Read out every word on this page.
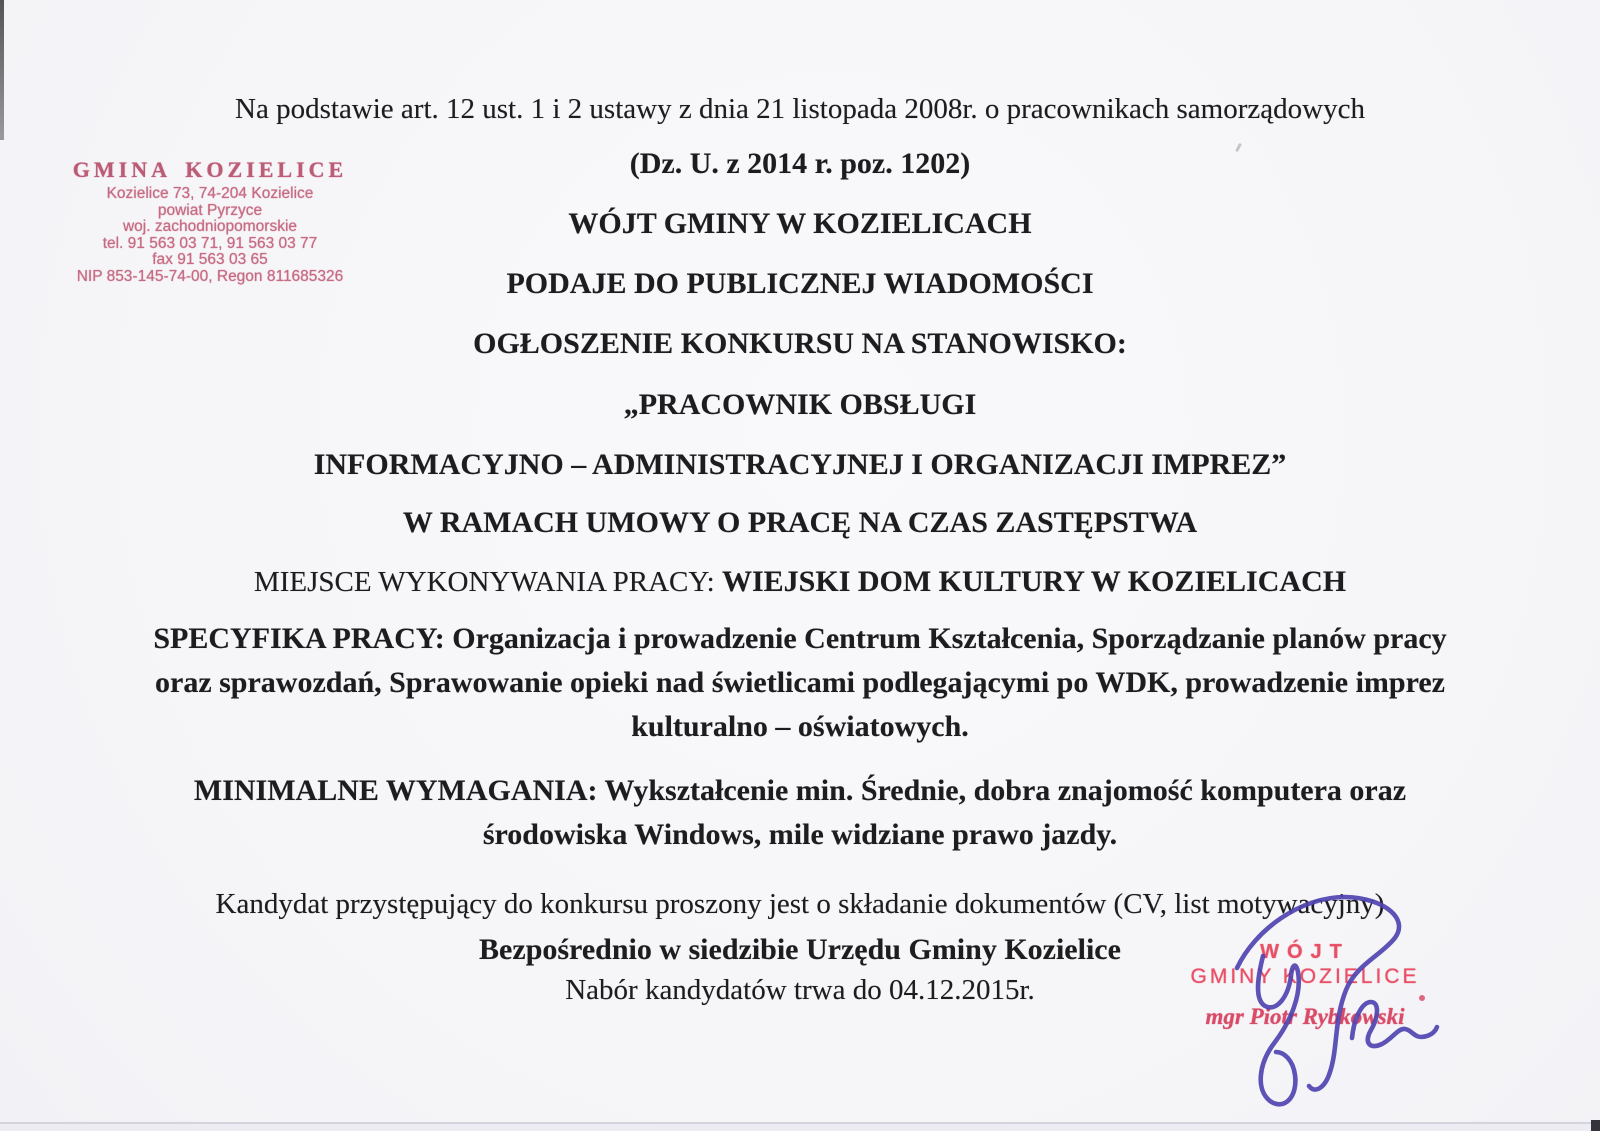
Na podstawie art. 12 ust. 1 i 2 ustawy z dnia 21 listopada 2008r. o pracownikach samorządowych
(Dz. U. z 2014 r. poz. 1202)
WÓJT GMINY W KOZIELICACH
PODAJE DO PUBLICZNEJ WIADOMOŚCI
OGŁOSZENIE KONKURSU NA STANOWISKO:
„PRACOWNIK OBSŁUGI
INFORMACYJNO – ADMINISTRACYJNEJ I ORGANIZACJI IMPREZ”
W RAMACH UMOWY O PRACĘ NA CZAS ZASTĘPSTWA
MIEJSCE WYKONYWANIA PRACY: WIEJSKI DOM KULTURY W KOZIELICACH
SPECYFIKA PRACY: Organizacja i prowadzenie Centrum Kształcenia, Sporządzanie planów pracy
oraz sprawozdań, Sprawowanie opieki nad świetlicami podlegającymi po WDK, prowadzenie imprez
kulturalno – oświatowych.
MINIMALNE WYMAGANIA: Wykształcenie min. Średnie, dobra znajomość komputera oraz
środowiska Windows, mile widziane prawo jazdy.
Kandydat przystępujący do konkursu proszony jest o składanie dokumentów (CV, list motywacyjny)
Bezpośrednio w siedzibie Urzędu Gminy Kozielice
Nabór kandydatów trwa do 04.12.2015r.
GMINA KOZIELICE
Kozielice 73, 74-204 Kozielice
powiat Pyrzyce
woj. zachodniopomorskie
tel. 91 563 03 71, 91 563 03 77
fax 91 563 03 65
NIP 853-145-74-00, Regon 811685326
WÓJT
GMINY KOZIELICE
mgr Piotr Rybkowski
